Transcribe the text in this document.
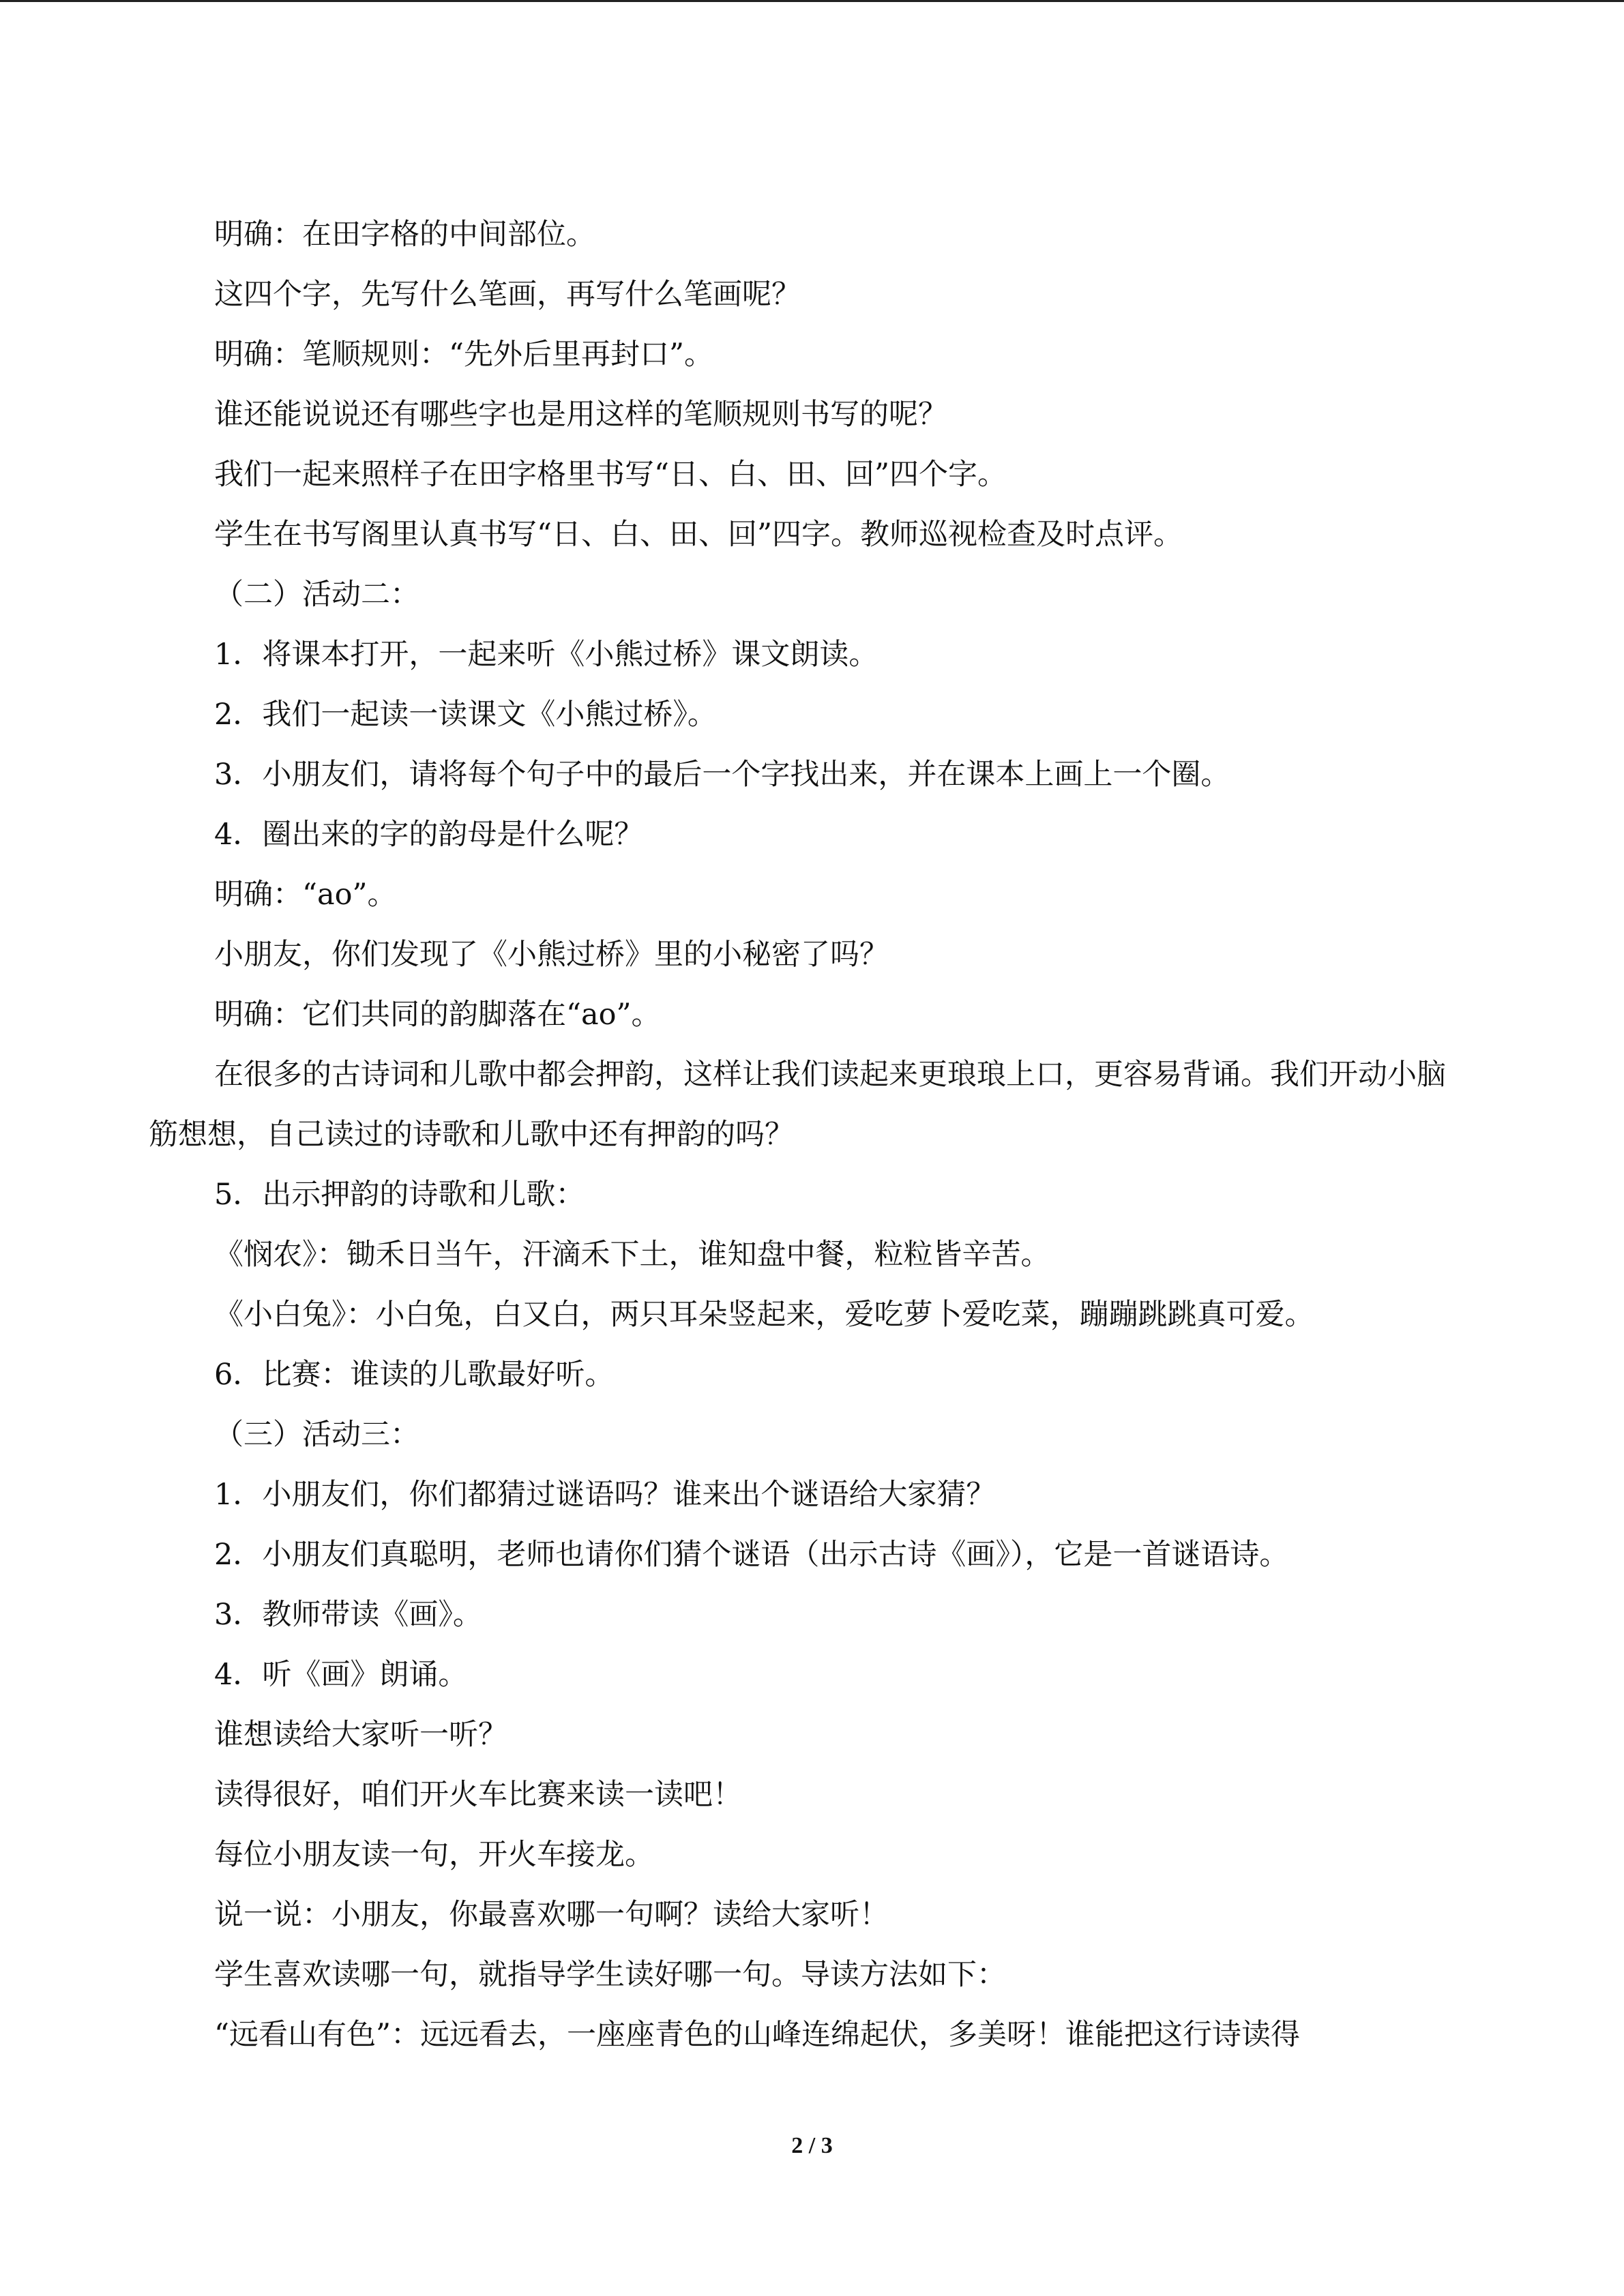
明确：在田字格的中间部位。

这四个字，先写什么笔画，再写什么笔画呢？

明确：笔顺规则：“先外后里再封口”。

谁还能说说还有哪些字也是用这样的笔顺规则书写的呢？

我们一起来照样子在田字格里书写“日、白、田、回”四个字。

学生在书写阁里认真书写“日、白、田、回”四字。教师巡视检查及时点评。

（二）活动二：

1．将课本打开，一起来听《小熊过桥》课文朗读。

2．我们一起读一读课文《小熊过桥》。

3．小朋友们，请将每个句子中的最后一个字找出来，并在课本上画上一个圈。

4．圈出来的字的韵母是什么呢？

明确：“ao”。

小朋友，你们发现了《小熊过桥》里的小秘密了吗？

明确：它们共同的韵脚落在“ao”。

在很多的古诗词和儿歌中都会押韵，这样让我们读起来更琅琅上口，更容易背诵。我们开动小脑筋想想，自己读过的诗歌和儿歌中还有押韵的吗？

5．出示押韵的诗歌和儿歌：

《悯农》：锄禾日当午，汗滴禾下土，谁知盘中餐，粒粒皆辛苦。

《小白兔》：小白兔，白又白，两只耳朵竖起来，爱吃萝卜爱吃菜，蹦蹦跳跳真可爱。

6．比赛：谁读的儿歌最好听。

（三）活动三：

1．小朋友们，你们都猜过谜语吗？谁来出个谜语给大家猜？

2．小朋友们真聪明，老师也请你们猜个谜语（出示古诗《画》），它是一首谜语诗。

3．教师带读《画》。

4．听《画》朗诵。

谁想读给大家听一听？

读得很好，咱们开火车比赛来读一读吧！

每位小朋友读一句，开火车接龙。

说一说：小朋友，你最喜欢哪一句啊？读给大家听！

学生喜欢读哪一句，就指导学生读好哪一句。导读方法如下：

“远看山有色”：远远看去，一座座青色的山峰连绵起伏，多美呀！谁能把这行诗读得

2 / 3
